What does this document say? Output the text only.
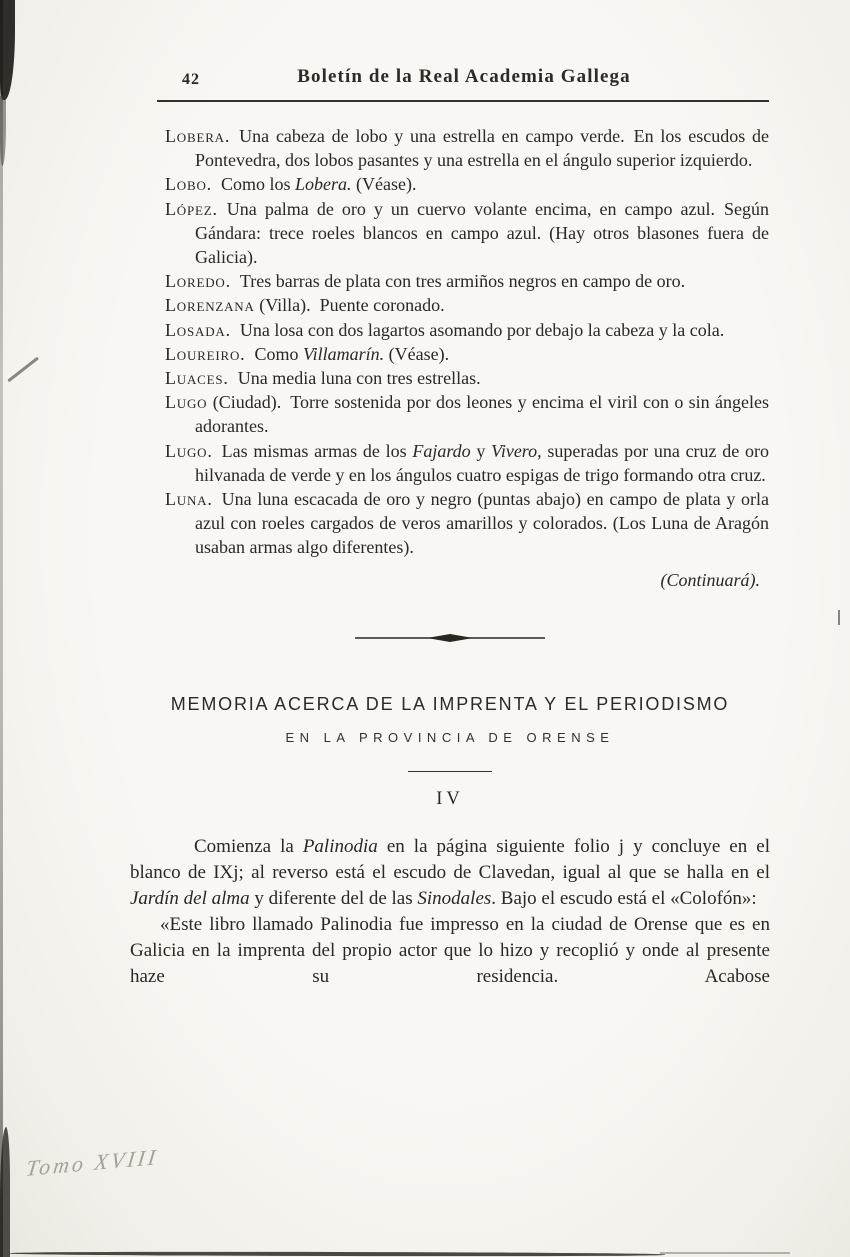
42	Boletín de la Real Academia Gallega
Lobera. Una cabeza de lobo y una estrella en campo verde. En los escudos de Pontevedra, dos lobos pasantes y una estrella en el ángulo superior izquierdo.
Lobo. Como los Lobera. (Véase).
López. Una palma de oro y un cuervo volante encima, en campo azul. Según Gándara: trece roeles blancos en campo azul. (Hay otros blasones fuera de Galicia).
Loredo. Tres barras de plata con tres armiños negros en campo de oro.
Lorenzana (Villa). Puente coronado.
Losada. Una losa con dos lagartos asomando por debajo la cabeza y la cola.
Loureiro. Como Villamarín. (Véase).
Luaces. Una media luna con tres estrellas.
Lugo (Ciudad). Torre sostenida por dos leones y encima el viril con o sin ángeles adorantes.
Lugo. Las mismas armas de los Fajardo y Vivero, superadas por una cruz de oro hilvanada de verde y en los ángulos cuatro espigas de trigo formando otra cruz.
Luna. Una luna escacada de oro y negro (puntas abajo) en campo de plata y orla azul con roeles cargados de veros amarillos y colorados. (Los Luna de Aragón usaban armas algo diferentes).
(Continuará).
MEMORIA ACERCA DE LA IMPRENTA Y EL PERIODISMO
EN LA PROVINCIA DE ORENSE
IV

Comienza la Palinodia en la página siguiente folio j y concluye en el blanco de IXj; al reverso está el escudo de Clavedan, igual al que se halla en el Jardín del alma y diferente del de las Sinodales. Bajo el escudo está el «Colofón»:

«Este libro llamado Palinodia fue impresso en la ciudad de Orense que es en Galicia en la imprenta del propio actor que lo hizo y recoplió y onde al presente haze su residencia. Acabose

Tomo XVIII
